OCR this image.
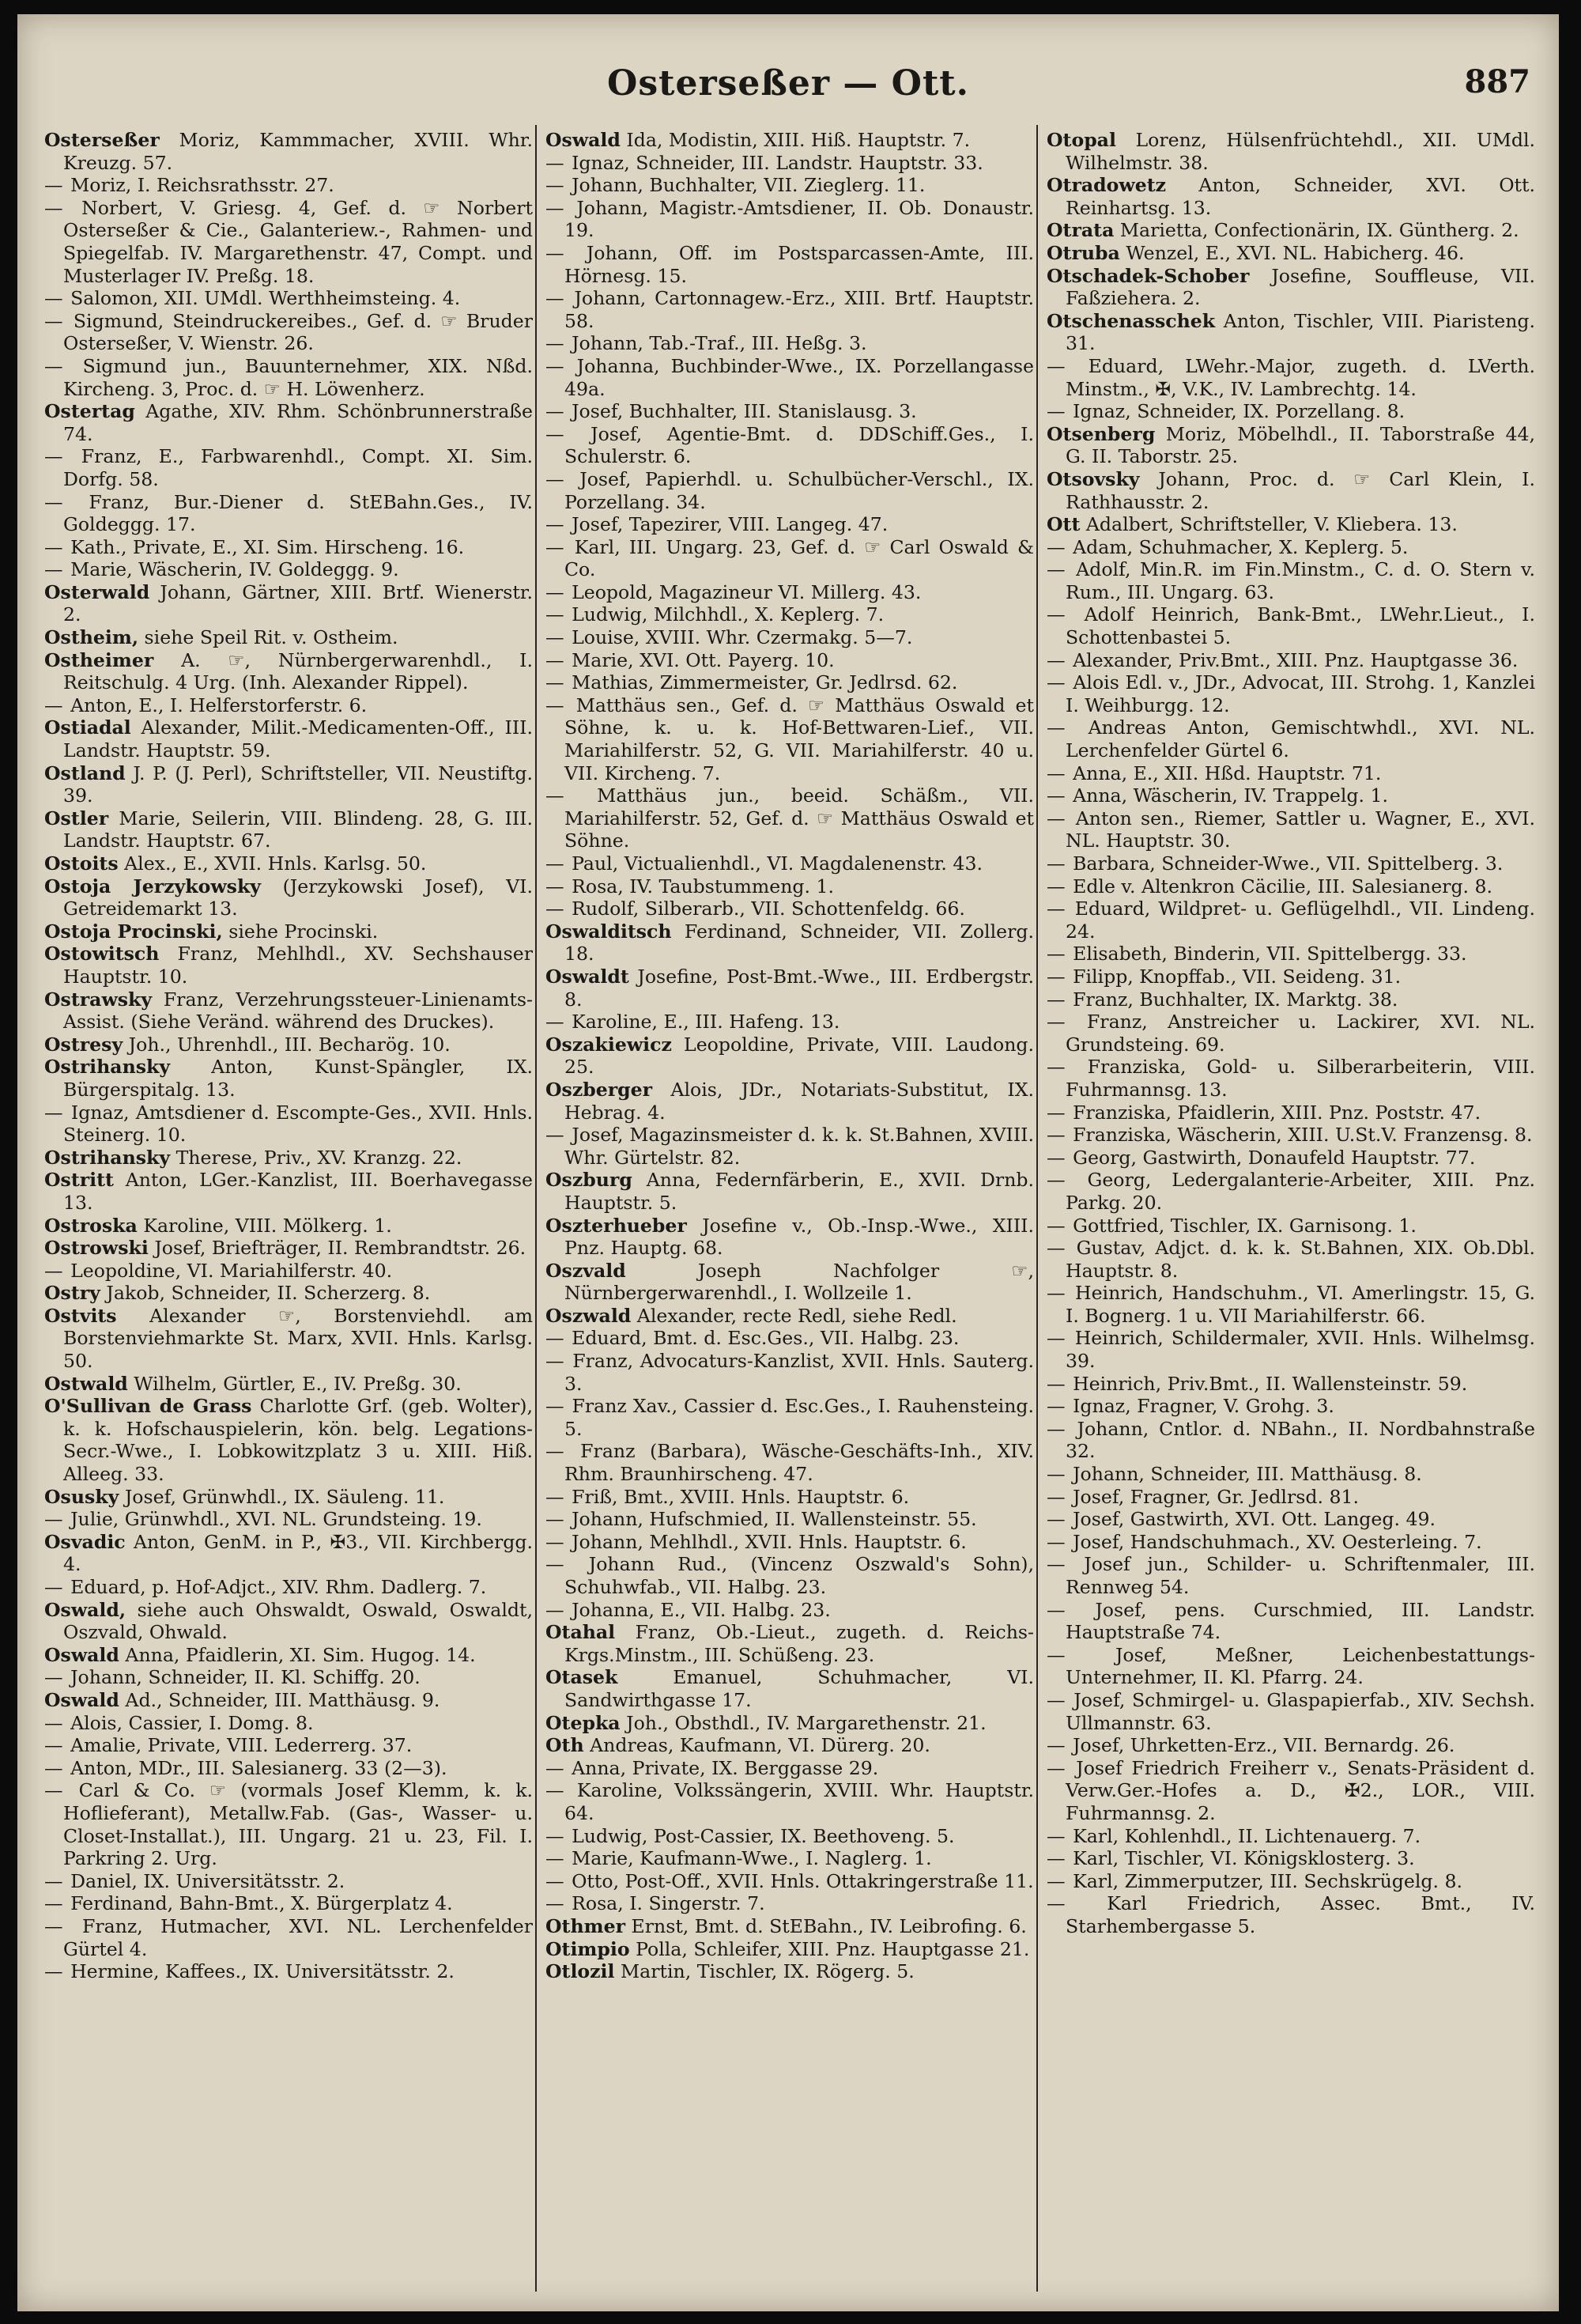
Osterseßer — Ott.	887
Osterseßer Moriz, Kammmacher, XVIII. Whr. Kreuzg. 57.
— Moriz, I. Reichsrathsstr. 27.
— Norbert, V. Griesg. 4, Gef. d. ☞ Norbert Osterseßer & Cie., Galanteriew.-, Rahmen- und Spiegelfab. IV. Margarethenstr. 47, Compt. und Musterlager IV. Preßg. 18.
— Salomon, XII. UMdl. Werthheimsteing. 4.
— Sigmund, Steindruckereibes., Gef. d. ☞ Bruder Osterseßer, V. Wienstr. 26.
— Sigmund jun., Bauunternehmer, XIX. Nßd. Kircheng. 3, Proc. d. ☞ H. Löwenherz.
Ostertag Agathe, XIV. Rhm. Schönbrunnerstraße 74.
— Franz, E., Farbwarenhdl., Compt. XI. Sim. Dorfg. 58.
— Franz, Bur.-Diener d. StEBahn.Ges., IV. Goldeggg. 17.
— Kath., Private, E., XI. Sim. Hirscheng. 16.
— Marie, Wäscherin, IV. Goldeggg. 9.
Osterwald Johann, Gärtner, XIII. Brtf. Wienerstr. 2.
Ostheim, siehe Speil Rit. v. Ostheim.
Ostheimer A. ☞, Nürnbergerwarenhdl., I. Reitschulg. 4 Urg. (Inh. Alexander Rippel).
— Anton, E., I. Helferstorferstr. 6.
Ostiadal Alexander, Milit.-Medicamenten-Off., III. Landstr. Hauptstr. 59.
Ostland J. P. (J. Perl), Schriftsteller, VII. Neustiftg. 39.
Ostler Marie, Seilerin, VIII. Blindeng. 28, G. III. Landstr. Hauptstr. 67.
Ostoits Alex., E., XVII. Hnls. Karlsg. 50.
Ostoja Jerzykowsky (Jerzykowski Josef), VI. Getreidemarkt 13.
Ostoja Procinski, siehe Procinski.
Ostowitsch Franz, Mehlhdl., XV. Sechshauser Hauptstr. 10.
Ostrawsky Franz, Verzehrungssteuer-Linienamts-Assist. (Siehe Veränd. während des Druckes).
Ostresy Joh., Uhrenhdl., III. Becharög. 10.
Ostrihansky Anton, Kunst-Spängler, IX. Bürgerspitalg. 13.
— Ignaz, Amtsdiener d. Escompte-Ges., XVII. Hnls. Steinerg. 10.
Ostrihansky Therese, Priv., XV. Kranzg. 22.
Ostritt Anton, LGer.-Kanzlist, III. Boerhavegasse 13.
Ostroska Karoline, VIII. Mölkerg. 1.
Ostrowski Josef, Briefträger, II. Rembrandtstr. 26.
— Leopoldine, VI. Mariahilferstr. 40.
Ostry Jakob, Schneider, II. Scherzerg. 8.
Ostvits Alexander ☞, Borstenviehdl. am Borstenviehmarkte St. Marx, XVII. Hnls. Karlsg. 50.
Ostwald Wilhelm, Gürtler, E., IV. Preßg. 30.
O'Sullivan de Grass Charlotte Grf. (geb. Wolter), k. k. Hofschauspielerin, kön. belg. Legations-Secr.-Wwe., I. Lobkowitzplatz 3 u. XIII. Hiß. Alleeg. 33.
Osusky Josef, Grünwhdl., IX. Säuleng. 11.
— Julie, Grünwhdl., XVI. NL. Grundsteing. 19.
Osvadic Anton, GenM. in P., ✠3., VII. Kirchbergg. 4.
— Eduard, p. Hof-Adjct., XIV. Rhm. Dadlerg. 7.
Oswald, siehe auch Ohswaldt, Oswald, Oswaldt, Oszvald, Ohwald.
Oswald Anna, Pfaidlerin, XI. Sim. Hugog. 14.
— Johann, Schneider, II. Kl. Schiffg. 20.
Oswald Ad., Schneider, III. Matthäusg. 9.
— Alois, Cassier, I. Domg. 8.
— Amalie, Private, VIII. Lederrerg. 37.
— Anton, MDr., III. Salesianerg. 33 (2—3).
— Carl & Co. ☞ (vormals Josef Klemm, k. k. Hoflieferant), Metallw.Fab. (Gas-, Wasser- u. Closet-Installat.), III. Ungarg. 21 u. 23, Fil. I. Parkring 2. Urg.
— Daniel, IX. Universitätsstr. 2.
— Ferdinand, Bahn-Bmt., X. Bürgerplatz 4.
— Franz, Hutmacher, XVI. NL. Lerchenfelder Gürtel 4.
— Hermine, Kaffees., IX. Universitätsstr. 2.
Oswald Ida, Modistin, XIII. Hiß. Hauptstr. 7.
— Ignaz, Schneider, III. Landstr. Hauptstr. 33.
— Johann, Buchhalter, VII. Zieglerg. 11.
— Johann, Magistr.-Amtsdiener, II. Ob. Donaustr. 19.
— Johann, Off. im Postsparcassen-Amte, III. Hörnesg. 15.
— Johann, Cartonnagew.-Erz., XIII. Brtf. Hauptstr. 58.
— Johann, Tab.-Traf., III. Heßg. 3.
— Johanna, Buchbinder-Wwe., IX. Porzellangasse 49a.
— Josef, Buchhalter, III. Stanislausg. 3.
— Josef, Agentie-Bmt. d. DDSchiff.Ges., I. Schulerstr. 6.
— Josef, Papierhdl. u. Schulbücher-Verschl., IX. Porzellang. 34.
— Josef, Tapezirer, VIII. Langeg. 47.
— Karl, III. Ungarg. 23, Gef. d. ☞ Carl Oswald & Co.
— Leopold, Magazineur VI. Millerg. 43.
— Ludwig, Milchhdl., X. Keplerg. 7.
— Louise, XVIII. Whr. Czermakg. 5—7.
— Marie, XVI. Ott. Payerg. 10.
— Mathias, Zimmermeister, Gr. Jedlrsd. 62.
— Matthäus sen., Gef. d. ☞ Matthäus Oswald et Söhne, k. u. k. Hof-Bettwaren-Lief., VII. Mariahilferstr. 52, G. VII. Mariahilferstr. 40 u. VII. Kircheng. 7.
— Matthäus jun., beeid. Schäßm., VII. Mariahilferstr. 52, Gef. d. ☞ Matthäus Oswald et Söhne.
— Paul, Victualienhdl., VI. Magdalenenstr. 43.
— Rosa, IV. Taubstummeng. 1.
— Rudolf, Silberarb., VII. Schottenfeldg. 66.
Oswalditsch Ferdinand, Schneider, VII. Zollerg. 18.
Oswaldt Josefine, Post-Bmt.-Wwe., III. Erdbergstr. 8.
— Karoline, E., III. Hafeng. 13.
Oszakiewicz Leopoldine, Private, VIII. Laudong. 25.
Oszberger Alois, JDr., Notariats-Substitut, IX. Hebrag. 4.
— Josef, Magazinsmeister d. k. k. St.Bahnen, XVIII. Whr. Gürtelstr. 82.
Oszburg Anna, Federnfärberin, E., XVII. Drnb. Hauptstr. 5.
Oszterhueber Josefine v., Ob.-Insp.-Wwe., XIII. Pnz. Hauptg. 68.
Oszvald	Joseph Nachfolger ☞, Nürnbergerwarenhdl., I. Wollzeile 1.
Oszwald Alexander, recte Redl, siehe Redl.
— Eduard, Bmt. d. Esc.Ges., VII. Halbg. 23.
— Franz, Advocaturs-Kanzlist, XVII. Hnls. Sauterg. 3.
— Franz Xav., Cassier d. Esc.Ges., I. Rauhensteing. 5.
— Franz (Barbara), Wäsche-Geschäfts-Inh., XIV. Rhm. Braunhirscheng. 47.
— Friß, Bmt., XVIII. Hnls. Hauptstr. 6.
— Johann, Hufschmied, II. Wallensteinstr. 55.
— Johann, Mehlhdl., XVII. Hnls. Hauptstr. 6.
— Johann Rud., (Vincenz Oszwald's Sohn), Schuhwfab., VII. Halbg. 23.
— Johanna, E., VII. Halbg. 23.
Otahal Franz, Ob.-Lieut., zugeth. d. Reichs-Krgs.Minstm., III. Schüßeng. 23.
Otasek	Emanuel, Schuhmacher, VI. Sandwirthgasse 17.
Otepka Joh., Obsthdl., IV. Margarethenstr. 21.
Oth Andreas, Kaufmann, VI. Dürerg. 20.
— Anna, Private, IX. Berggasse 29.
— Karoline, Volkssängerin, XVIII. Whr. Hauptstr. 64.
— Ludwig, Post-Cassier, IX. Beethoveng. 5.
— Marie, Kaufmann-Wwe., I. Naglerg. 1.
— Otto, Post-Off., XVII. Hnls. Ottakringerstraße 11.
— Rosa, I. Singerstr. 7.
Othmer Ernst, Bmt. d. StEBahn., IV. Leibrofing. 6.
Otimpio Polla, Schleifer, XIII. Pnz. Hauptgasse 21.
Otlozil Martin, Tischler, IX. Rögerg. 5.
Otopal Lorenz, Hülsenfrüchtehdl., XII. UMdl. Wilhelmstr. 38.
Otradowetz Anton, Schneider, XVI. Ott. Reinhartsg. 13.
Otrata Marietta, Confectionärin, IX. Güntherg. 2.
Otruba Wenzel, E., XVI. NL. Habicherg. 46.
Otschadek-Schober Josefine, Souffleuse, VII. Faßziehera. 2.
Otschenasschek Anton, Tischler, VIII. Piaristeng. 31.
— Eduard, LWehr.-Major, zugeth. d. LVerth. Minstm., ✠, V.K., IV. Lambrechtg. 14.
— Ignaz, Schneider, IX. Porzellang. 8.
Otsenberg Moriz, Möbelhdl., II. Taborstraße 44, G. II. Taborstr. 25.
Otsovsky Johann, Proc. d. ☞ Carl Klein, I. Rathhausstr. 2.
Ott Adalbert, Schriftsteller, V. Kliebera. 13.
— Adam, Schuhmacher, X. Keplerg. 5.
— Adolf, Min.R. im Fin.Minstm., C. d. O. Stern v. Rum., III. Ungarg. 63.
— Adolf Heinrich, Bank-Bmt., LWehr.Lieut., I. Schottenbastei 5.
— Alexander, Priv.Bmt., XIII. Pnz. Hauptgasse 36.
— Alois Edl. v., JDr., Advocat, III. Strohg. 1, Kanzlei I. Weihburgg. 12.
— Andreas Anton, Gemischtwhdl., XVI. NL. Lerchenfelder Gürtel 6.
— Anna, E., XII. Hßd. Hauptstr. 71.
— Anna, Wäscherin, IV. Trappelg. 1.
— Anton sen., Riemer, Sattler u. Wagner, E., XVI. NL. Hauptstr. 30.
— Barbara, Schneider-Wwe., VII. Spittelberg. 3.
— Edle v. Altenkron Cäcilie, III. Salesianerg. 8.
— Eduard, Wildpret- u. Geflügelhdl., VII. Lindeng. 24.
— Elisabeth, Binderin, VII. Spittelbergg. 33.
— Filipp, Knopffab., VII. Seideng. 31.
— Franz, Buchhalter, IX. Marktg. 38.
— Franz, Anstreicher u. Lackirer, XVI. NL. Grundsteing. 69.
— Franziska, Gold- u. Silberarbeiterin, VIII. Fuhrmannsg. 13.
— Franziska, Pfaidlerin, XIII. Pnz. Poststr. 47.
— Franziska, Wäscherin, XIII. U.St.V. Franzensg. 8.
— Georg, Gastwirth, Donaufeld Hauptstr. 77.
— Georg, Ledergalanterie-Arbeiter, XIII. Pnz. Parkg. 20.
— Gottfried, Tischler, IX. Garnisong. 1.
— Gustav, Adjct. d. k. k. St.Bahnen, XIX. Ob.Dbl. Hauptstr. 8.
— Heinrich, Handschuhm., VI. Amerlingstr. 15, G. I. Bognerg. 1 u. VII Mariahilferstr. 66.
— Heinrich, Schildermaler, XVII. Hnls. Wilhelmsg. 39.
— Heinrich, Priv.Bmt., II. Wallensteinstr. 59.
— Ignaz, Fragner, V. Grohg. 3.
— Johann, Cntlor. d. NBahn., II. Nordbahnstraße 32.
— Johann, Schneider, III. Matthäusg. 8.
— Josef, Fragner, Gr. Jedlrsd. 81.
— Josef, Gastwirth, XVI. Ott. Langeg. 49.
— Josef, Handschuhmach., XV. Oesterleing. 7.
— Josef jun., Schilder- u. Schriftenmaler, III. Rennweg 54.
— Josef, pens. Curschmied, III. Landstr. Hauptstraße 74.
— Josef, Meßner, Leichenbestattungs-Unternehmer, II. Kl. Pfarrg. 24.
— Josef, Schmirgel- u. Glaspapierfab., XIV. Sechsh. Ullmannstr. 63.
— Josef, Uhrketten-Erz., VII. Bernardg. 26.
— Josef Friedrich Freiherr v., Senats-Präsident d. Verw.Ger.-Hofes a. D., ✠2., LOR., VIII. Fuhrmannsg. 2.
— Karl, Kohlenhdl., II. Lichtenauerg. 7.
— Karl, Tischler, VI. Königsklosterg. 3.
— Karl, Zimmerputzer, III. Sechskrügelg. 8.
— Karl Friedrich, Assec. Bmt., IV. Starhembergasse 5.
